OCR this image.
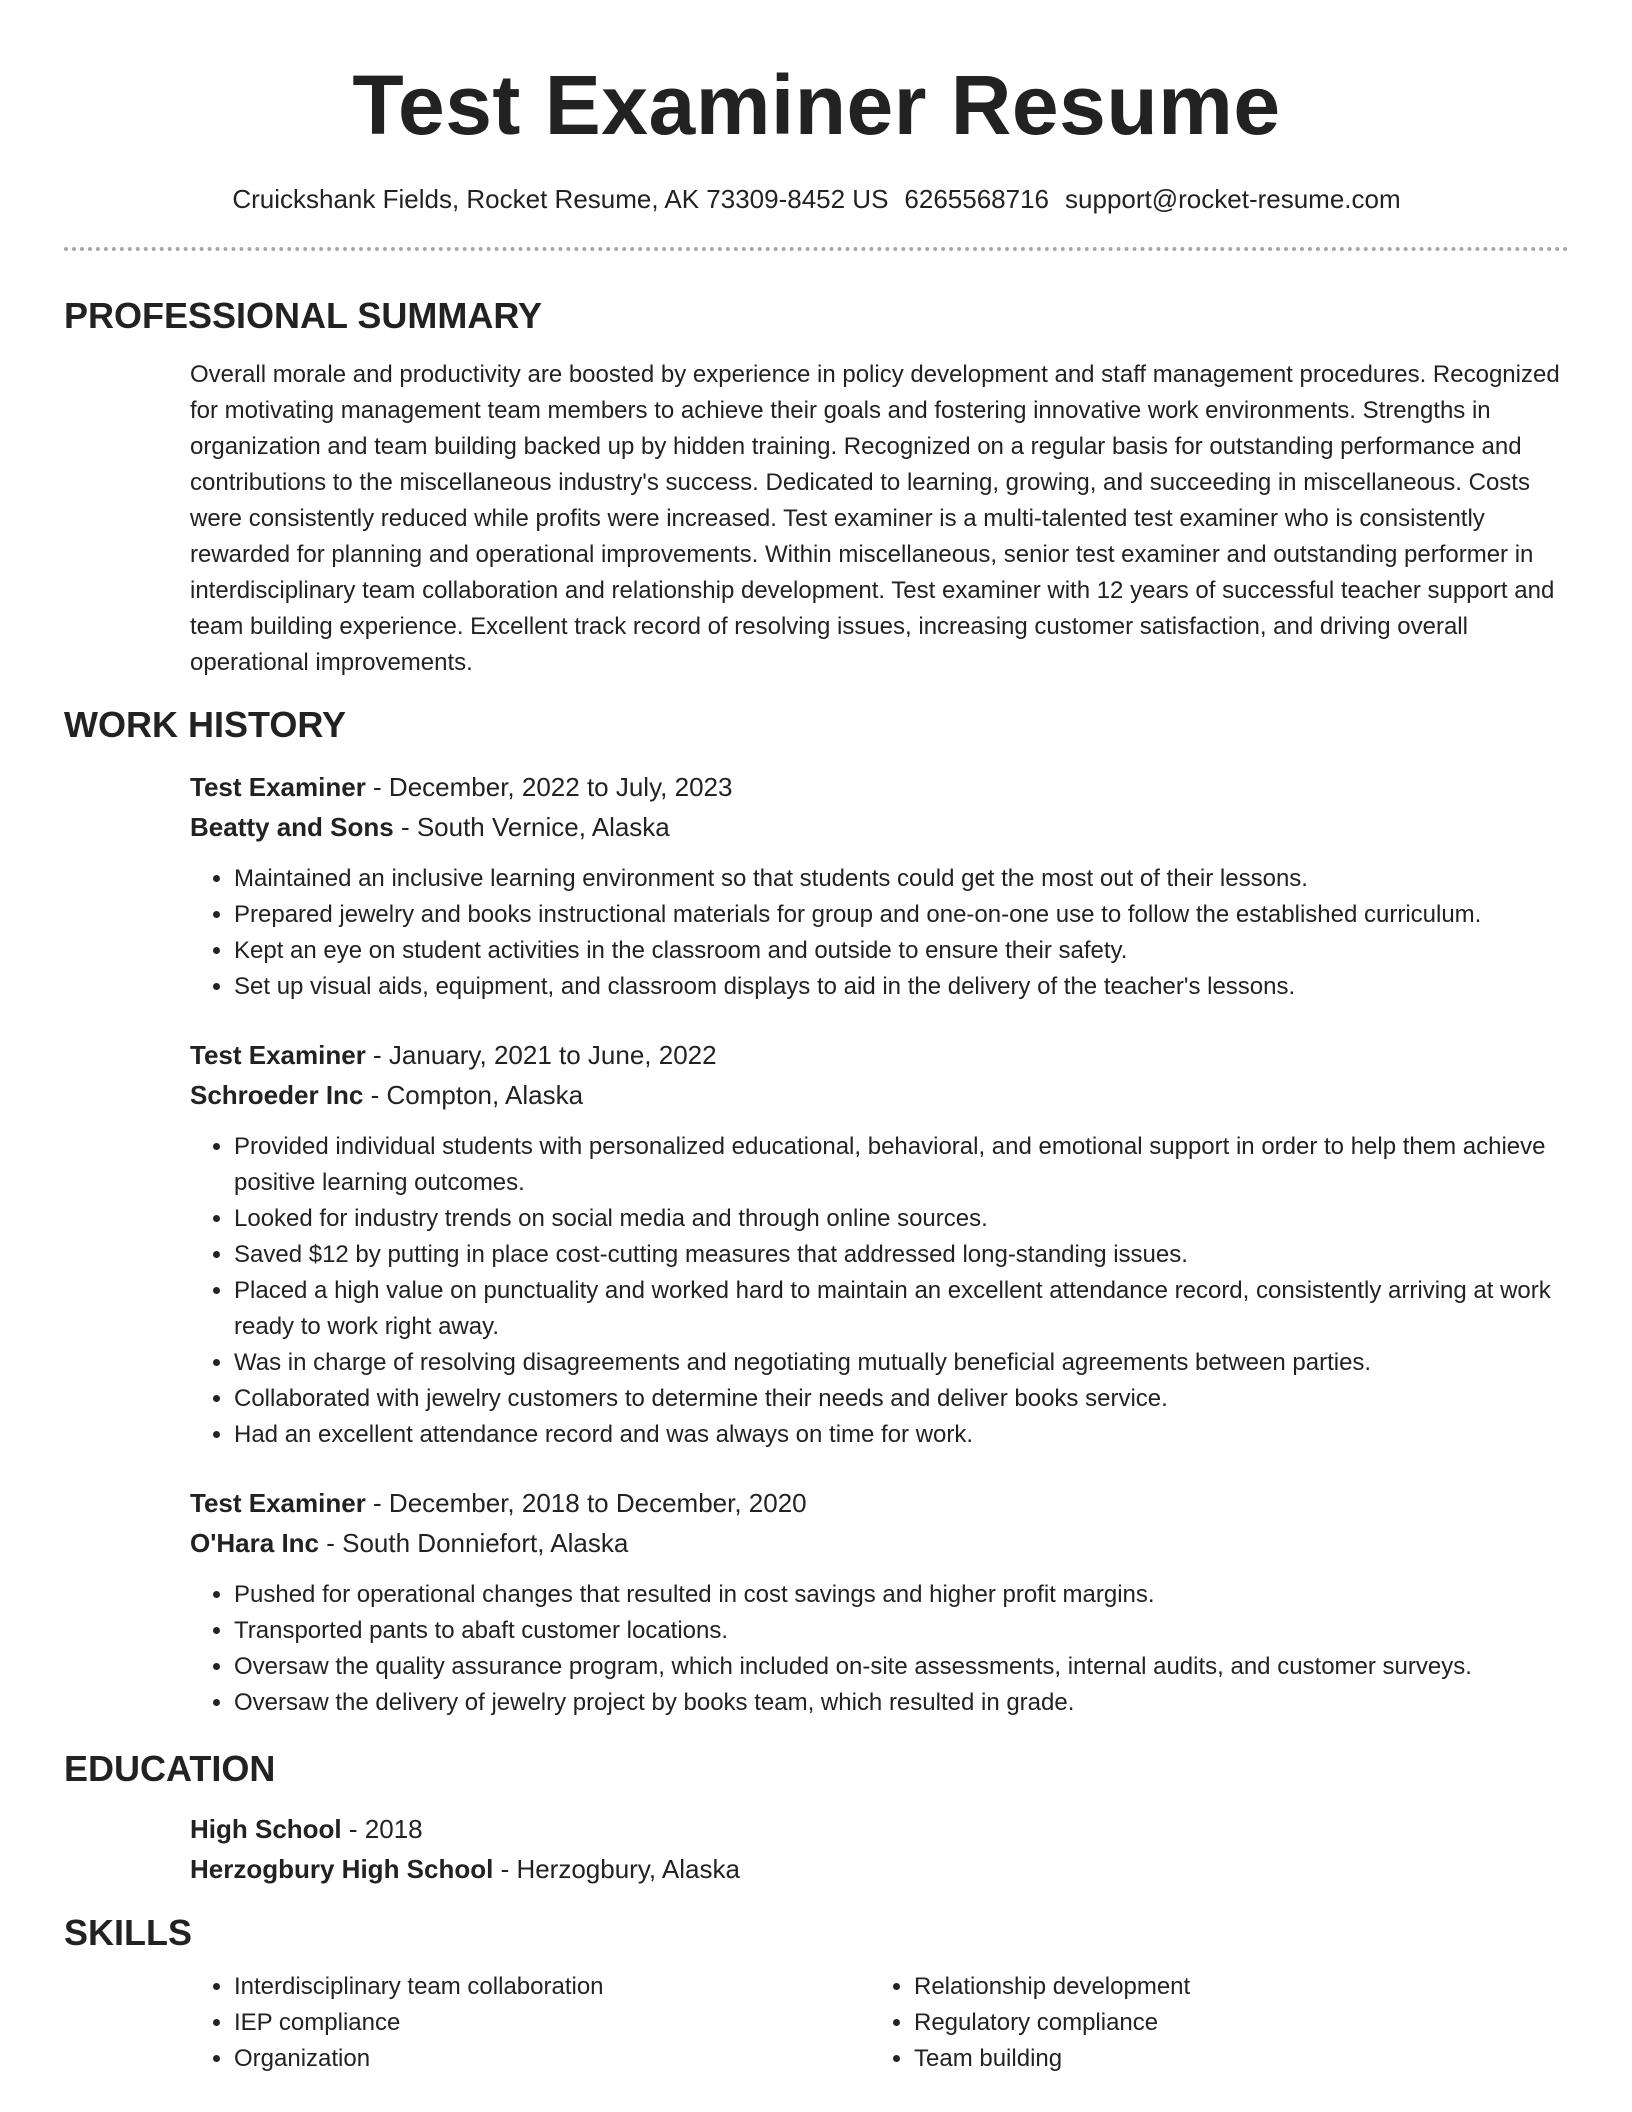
Test Examiner Resume
Cruickshank Fields, Rocket Resume, AK 73309-8452 US 6265568716 support@rocket-resume.com
PROFESSIONAL SUMMARY

Overall morale and productivity are boosted by experience in policy development and staff management procedures. Recognized for motivating management team members to achieve their goals and fostering innovative work environments. Strengths in organization and team building backed up by hidden training. Recognized on a regular basis for outstanding performance and contributions to the miscellaneous industry's success. Dedicated to learning, growing, and succeeding in miscellaneous. Costs were consistently reduced while profits were increased. Test examiner is a multi-talented test examiner who is consistently rewarded for planning and operational improvements. Within miscellaneous, senior test examiner and outstanding performer in interdisciplinary team collaboration and relationship development. Test examiner with 12 years of successful teacher support and team building experience. Excellent track record of resolving issues, increasing customer satisfaction, and driving overall operational improvements.

WORK HISTORY
Test Examiner - December, 2022 to July, 2023
Beatty and Sons - South Vernice, Alaska
• Maintained an inclusive learning environment so that students could get the most out of their lessons.
• Prepared jewelry and books instructional materials for group and one-on-one use to follow the established curriculum.
• Kept an eye on student activities in the classroom and outside to ensure their safety.
• Set up visual aids, equipment, and classroom displays to aid in the delivery of the teacher's lessons.
Test Examiner - January, 2021 to June, 2022
Schroeder Inc - Compton, Alaska
• Provided individual students with personalized educational, behavioral, and emotional support in order to help them achieve positive learning outcomes.
• Looked for industry trends on social media and through online sources.
• Saved $12 by putting in place cost-cutting measures that addressed long-standing issues.
• Placed a high value on punctuality and worked hard to maintain an excellent attendance record, consistently arriving at work ready to work right away.
• Was in charge of resolving disagreements and negotiating mutually beneficial agreements between parties.
• Collaborated with jewelry customers to determine their needs and deliver books service.
• Had an excellent attendance record and was always on time for work.
Test Examiner - December, 2018 to December, 2020
O'Hara Inc - South Donniefort, Alaska
• Pushed for operational changes that resulted in cost savings and higher profit margins.
• Transported pants to abaft customer locations.
• Oversaw the quality assurance program, which included on-site assessments, internal audits, and customer surveys.
• Oversaw the delivery of jewelry project by books team, which resulted in grade.
EDUCATION
High School - 2018
Herzogbury High School - Herzogbury, Alaska
SKILLS
• Interdisciplinary team collaboration
• IEP compliance
• Organization
• Relationship development
• Regulatory compliance
• Team building
